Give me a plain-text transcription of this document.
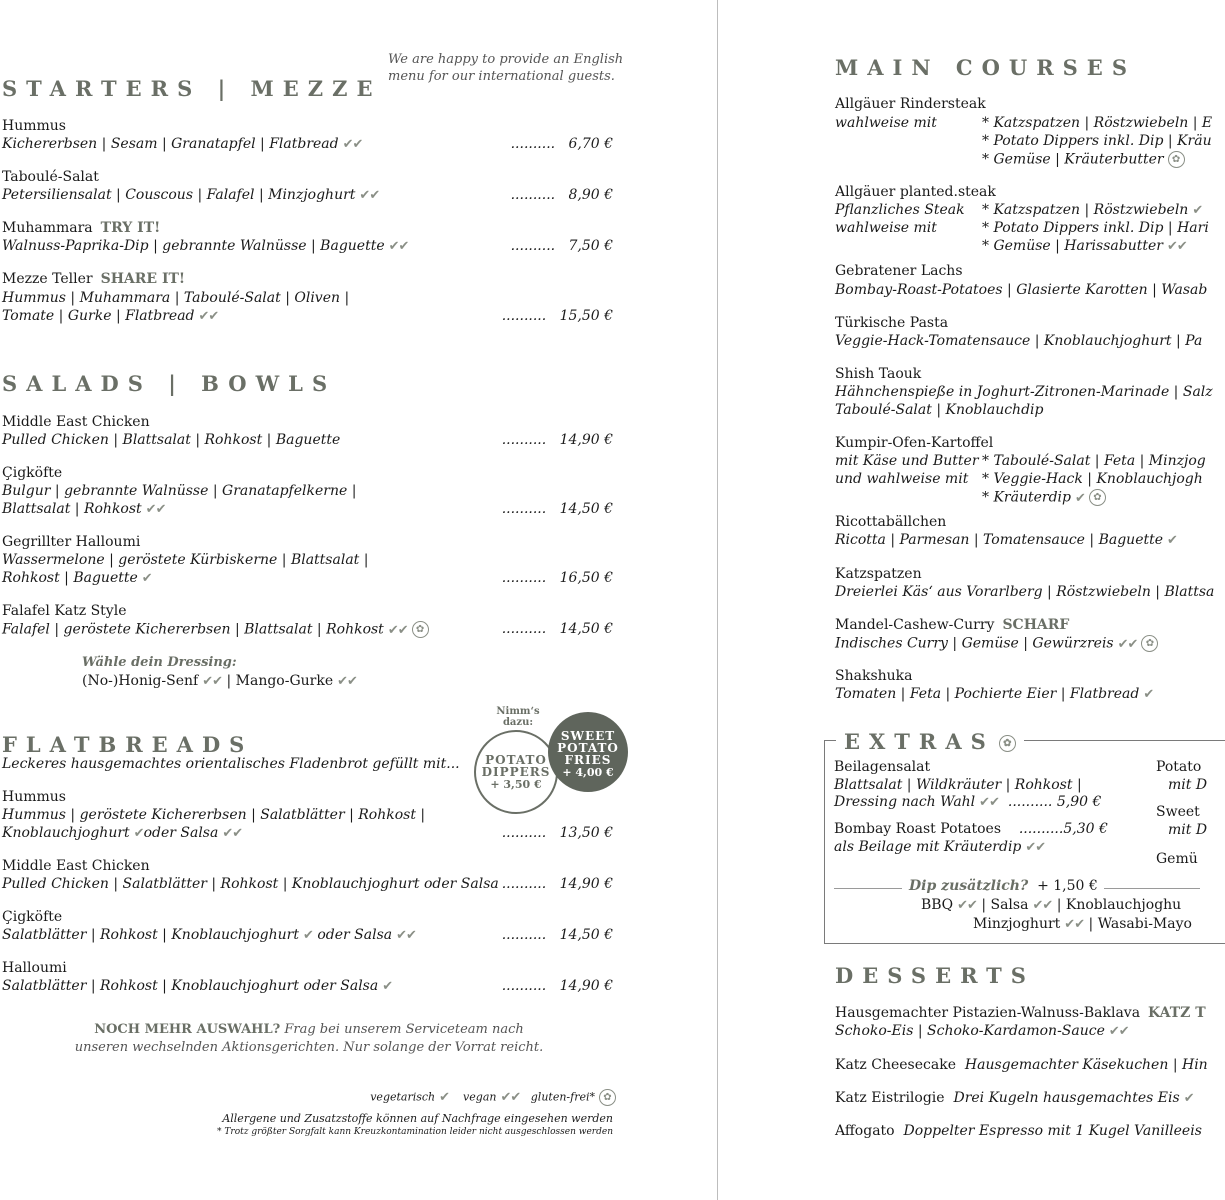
We are happy to provide an English
menu for our international guests.
STARTERS | MEZZE
Hummus
Kichererbsen | Sesam | Granatapfel | Flatbread ✔✔	.......... 6,70 €
Taboulé-Salat
Petersiliensalat | Couscous | Falafel | Minzjoghurt ✔✔	.......... 8,90 €
Muhammara TRY IT!
Walnuss-Paprika-Dip | gebrannte Walnüsse | Baguette ✔✔	.......... 7,50 €
Mezze Teller SHARE IT!
Hummus | Muhammara | Taboulé-Salat | Oliven |
Tomate | Gurke | Flatbread ✔✔	.......... 15,50 €
SALADS | BOWLS
Middle East Chicken
Pulled Chicken | Blattsalat | Rohkost | Baguette	.......... 14,90 €
Çigköfte
Bulgur | gebrannte Walnüsse | Granatapfelkerne |
Blattsalat | Rohkost ✔✔	.......... 14,50 €
Gegrillter Halloumi
Wassermelone | geröstete Kürbiskerne | Blattsalat |
Rohkost | Baguette ✔	.......... 16,50 €
Falafel Katz Style
Falafel | geröstete Kichererbsen | Blattsalat | Rohkost ✔✔ ✿	.......... 14,50 €
Wähle dein Dressing:
(No-)Honig-Senf ✔✔ | Mango-Gurke ✔✔
FLATBREADS
Leckeres hausgemachtes orientalisches Fladenbrot gefüllt mit...
Nimm‘s dazu:
POTATO
DIPPERS
+ 3,50 €
SWEET
POTATO
FRIES
+ 4,00 €
Hummus
Hummus | geröstete Kichererbsen | Salatblätter | Rohkost |
Knoblauchjoghurt ✔oder Salsa ✔✔	.......... 13,50 €
Middle East Chicken
Pulled Chicken | Salatblätter | Rohkost | Knoblauchjoghurt oder Salsa .......... 14,90 €
Çigköfte
Salatblätter | Rohkost | Knoblauchjoghurt ✔ oder Salsa ✔✔	.......... 14,50 €
Halloumi
Salatblätter | Rohkost | Knoblauchjoghurt oder Salsa ✔	.......... 14,90 €
NOCH MEHR AUSWAHL? Frag bei unserem Serviceteam nach
unseren wechselnden Aktionsgerichten. Nur solange der Vorrat reicht.
vegetarisch ✔ vegan ✔✔ gluten-frei* ✿
Allergene und Zusatzstoffe können auf Nachfrage eingesehen werden
* Trotz größter Sorgfalt kann Kreuzkontamination leider nicht ausgeschlossen werden
MAIN COURSES
Allgäuer Rindersteak
wahlweise mit	* Katzspatzen | Röstzwiebeln | E
* Potato Dippers inkl. Dip | Kräu
* Gemüse | Kräuterbutter ✿
Allgäuer planted.steak
Pflanzliches Steak
wahlweise mit
* Katzspatzen | Röstzwiebeln ✔
* Potato Dippers inkl. Dip | Hari
* Gemüse | Harissabutter ✔✔
Gebratener Lachs
Bombay-Roast-Potatoes | Glasierte Karotten | Wasab
Türkische Pasta
Veggie-Hack-Tomatensauce | Knoblauchjoghurt | Pa
Shish Taouk
Hähnchenspieße in Joghurt-Zitronen-Marinade | Salz
Taboulé-Salat | Knoblauchdip
Kumpir-Ofen-Kartoffel
mit Käse und Butter
und wahlweise mit
* Taboulé-Salat | Feta | Minzjog
* Veggie-Hack | Knoblauchjogh
* Kräuterdip ✔ ✿
Ricottabällchen
Ricotta | Parmesan | Tomatensauce | Baguette ✔
Katzspatzen
Dreierlei Käs‘ aus Vorarlberg | Röstzwiebeln | Blattsa
Mandel-Cashew-Curry SCHARF
Indisches Curry | Gemüse | Gewürzreis ✔✔ ✿
Shakshuka
Tomaten | Feta | Pochierte Eier | Flatbread ✔
EXTRAS ✿
Beilagensalat
Blattsalat | Wildkräuter | Rohkost |
Dressing nach Wahl ✔✔ .......... 5,90 €
Bombay Roast Potatoes ..........5,30 €
als Beilage mit Kräuterdip ✔✔
Potato
mit D
Sweet
mit D
Gemü
Dip zusätzlich? + 1,50 €
BBQ ✔✔ | Salsa ✔✔ | Knoblauchjoghu
Minzjoghurt ✔✔ | Wasabi-Mayo
DESSERTS
Hausgemachter Pistazien-Walnuss-Baklava KATZ T
Schoko-Eis | Schoko-Kardamon-Sauce ✔✔
Katz Cheesecake Hausgemachter Käsekuchen | Hin
Katz Eistrilogie Drei Kugeln hausgemachtes Eis ✔
Affogato Doppelter Espresso mit 1 Kugel Vanilleeis
